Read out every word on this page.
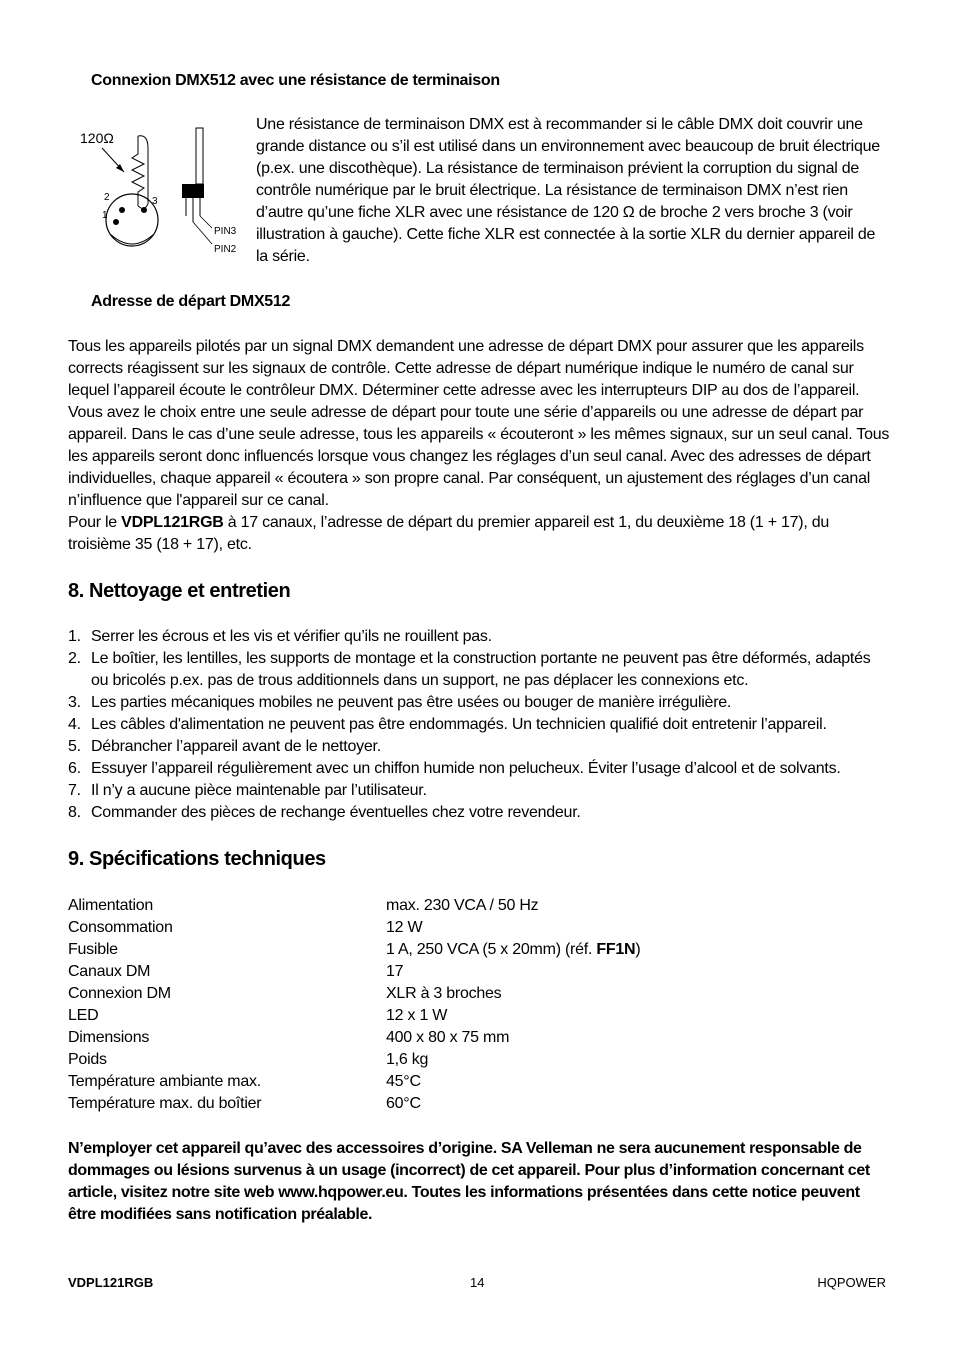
Connexion DMX512 avec une résistance de terminaison
120Ω
2
1
3
PIN3
PIN2
Une résistance de terminaison DMX est à recommander si le câble DMX doit couvrir une grande distance ou s’il est utilisé dans un environnement avec beaucoup de bruit électrique (p.ex. une discothèque). La résistance de terminaison prévient la corruption du signal de contrôle numérique par le bruit électrique. La résistance de terminaison DMX n’est rien d’autre qu’une fiche XLR avec une résistance de 120 Ω de broche 2 vers broche 3 (voir illustration à gauche). Cette fiche XLR est connectée à la sortie XLR du dernier appareil de la série.
Adresse de départ DMX512
Tous les appareils pilotés par un signal DMX demandent une adresse de départ DMX pour assurer que les appareils corrects réagissent sur les signaux de contrôle. Cette adresse de départ numérique indique le numéro de canal sur lequel l’appareil écoute le contrôleur DMX. Déterminer cette adresse avec les interrupteurs DIP au dos de l’appareil. Vous avez le choix entre une seule adresse de départ pour toute une série d’appareils ou une adresse de départ par appareil. Dans le cas d’une seule adresse, tous les appareils « écouteront » les mêmes signaux, sur un seul canal. Tous les appareils seront donc influencés lorsque vous changez les réglages d’un seul canal. Avec des adresses de départ individuelles, chaque appareil « écoutera » son propre canal. Par conséquent, un ajustement des réglages d’un canal n’influence que l'appareil sur ce canal.
Pour le VDPL121RGB à 17 canaux, l’adresse de départ du premier appareil est 1, du deuxième 18 (1 + 17), du troisième 35 (18 + 17), etc.
8. Nettoyage et entretien
1. Serrer les écrous et les vis et vérifier qu’ils ne rouillent pas.
2. Le boîtier, les lentilles, les supports de montage et la construction portante ne peuvent pas être déformés, adaptés ou bricolés p.ex. pas de trous additionnels dans un support, ne pas déplacer les connexions etc.
3. Les parties mécaniques mobiles ne peuvent pas être usées ou bouger de manière irrégulière.
4. Les câbles d'alimentation ne peuvent pas être endommagés. Un technicien qualifié doit entretenir l’appareil.
5. Débrancher l’appareil avant de le nettoyer.
6. Essuyer l’appareil régulièrement avec un chiffon humide non pelucheux. Éviter l’usage d’alcool et de solvants.
7. Il n’y a aucune pièce maintenable par l’utilisateur.
8. Commander des pièces de rechange éventuelles chez votre revendeur.
9. Spécifications techniques
Alimentation	max. 230 VCA / 50 Hz
Consommation	12 W
Fusible	1 A, 250 VCA (5 x 20mm) (réf. FF1N)
Canaux DM	17
Connexion DM	XLR à 3 broches
LED	12 x 1 W
Dimensions	400 x 80 x 75 mm
Poids	1,6 kg
Température ambiante max.	45°C
Température max. du boîtier	60°C
N’employer cet appareil qu’avec des accessoires d’origine. SA Velleman ne sera aucunement responsable de dommages ou lésions survenus à un usage (incorrect) de cet appareil. Pour plus d’information concernant cet article, visitez notre site web www.hqpower.eu. Toutes les informations présentées dans cette notice peuvent être modifiées sans notification préalable.
VDPL121RGB	14	HQPOWER
